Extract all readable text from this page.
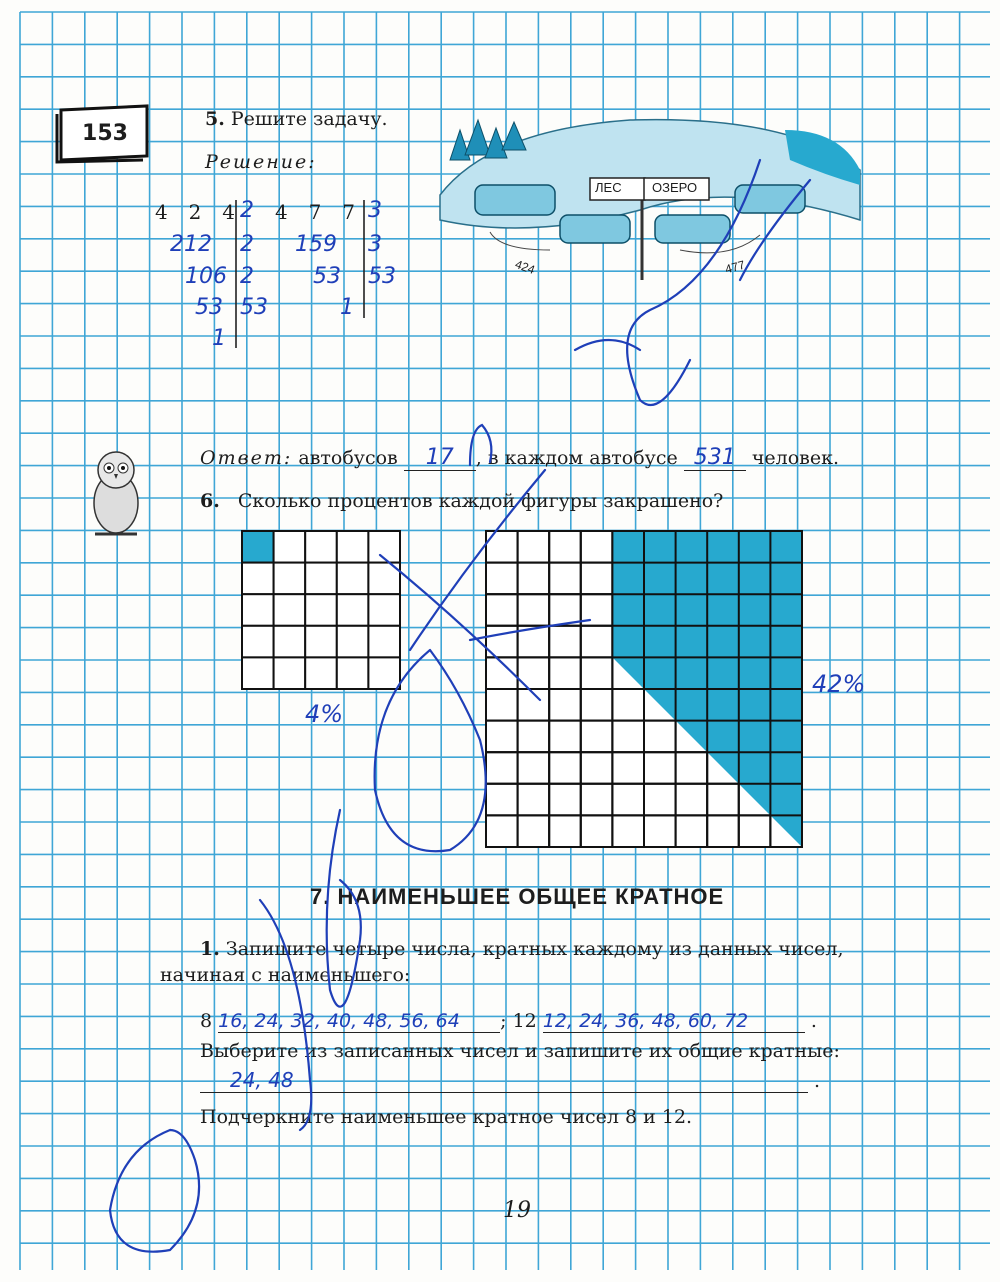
153
5. Решите задачу.
Решение:
4 2 4 2 4 7 7 3
212 2
106 2
53 53
1
159 3
53 53
1
ЛЕС ОЗЕРО
424	477
Ответ: автобусов 17 , в каждом автобусе 531 человек.
6. Сколько процентов каждой фигуры закрашено?
4%
42%
7. НАИМЕНЬШЕЕ ОБЩЕЕ КРАТНОЕ
1. Запишите четыре числа, кратных каждому из данных чисел,
начиная с наименьшего:
8 16, 24, 32, 40, 48, 56, 64 ; 12 12, 24, 36, 48, 60, 72	.
Выберите из записанных чисел и запишите их общие кратные:
24, 48	.
Подчеркните наименьшее кратное чисел 8 и 12.
19
